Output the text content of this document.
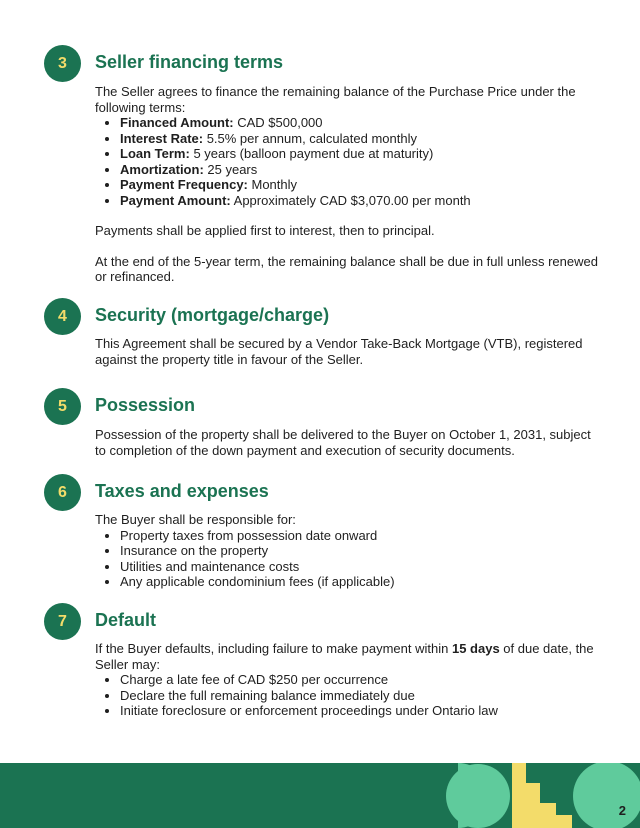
3	Seller financing terms

The Seller agrees to finance the remaining balance of the Purchase Price under the following terms:

• Financed Amount: CAD $500,000
• Interest Rate: 5.5% per annum, calculated monthly
• Loan Term: 5 years (balloon payment due at maturity)
• Amortization: 25 years
• Payment Frequency: Monthly
• Payment Amount: Approximately CAD $3,070.00 per month

Payments shall be applied first to interest, then to principal.

At the end of the 5-year term, the remaining balance shall be due in full unless renewed or refinanced.

4	Security (mortgage/charge)

This Agreement shall be secured by a Vendor Take-Back Mortgage (VTB), registered against the property title in favour of the Seller.

5	Possession

Possession of the property shall be delivered to the Buyer on October 1, 2031, subject to completion of the down payment and execution of security documents.

6	Taxes and expenses

The Buyer shall be responsible for:

• Property taxes from possession date onward
• Insurance on the property
• Utilities and maintenance costs
• Any applicable condominium fees (if applicable)
7	Default

If the Buyer defaults, including failure to make payment within 15 days of due date, the Seller may:

• Charge a late fee of CAD $250 per occurrence
• Declare the full remaining balance immediately due
• Initiate foreclosure or enforcement proceedings under Ontario law
2
